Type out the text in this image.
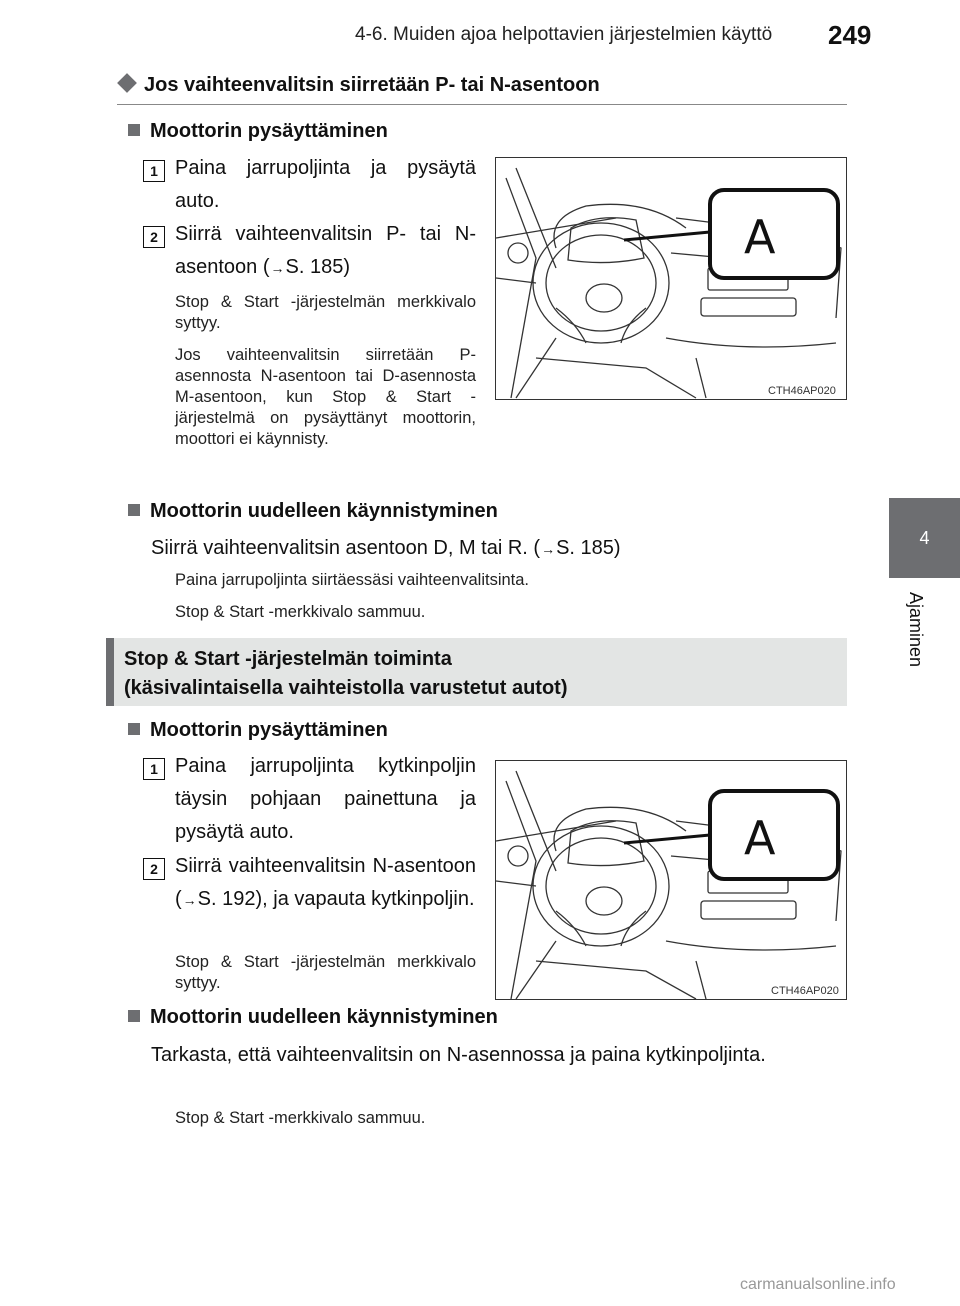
4-6. Muiden ajoa helpottavien järjestelmien käyttö 249
4
Ajaminen
Jos vaihteenvalitsin siirretään P- tai N-asentoon
Moottorin pysäyttäminen
1 Paina jarrupoljinta ja pysäytä auto.
2 Siirrä vaihteenvalitsin P- tai N-asentoon (→S. 185)
Stop & Start -järjestelmän merkkivalo syttyy.
Jos vaihteenvalitsin siirretään P-asennosta N-asentoon tai D-asennosta M-asentoon, kun Stop & Start -järjestelmä on pysäyttänyt moottorin, moottori ei käynnisty.
A
CTH46AP020
Moottorin uudelleen käynnistyminen
Siirrä vaihteenvalitsin asentoon D, M tai R. (→S. 185)
Paina jarrupoljinta siirtäessäsi vaihteenvalitsinta.
Stop & Start -merkkivalo sammuu.
Stop & Start -järjestelmän toiminta
(käsivalintaisella vaihteistolla varustetut autot)
Moottorin pysäyttäminen
1 Paina jarrupoljinta kytkinpoljin täysin pohjaan painettuna ja pysäytä auto.
2 Siirrä vaihteenvalitsin N-asentoon (→S. 192), ja vapauta kytkinpoljin.
Stop & Start -järjestelmän merkkivalo syttyy.
A
CTH46AP020
Moottorin uudelleen käynnistyminen
Tarkasta, että vaihteenvalitsin on N-asennossa ja paina kytkinpoljinta.
Stop & Start -merkkivalo sammuu.
carmanualsonline.info
